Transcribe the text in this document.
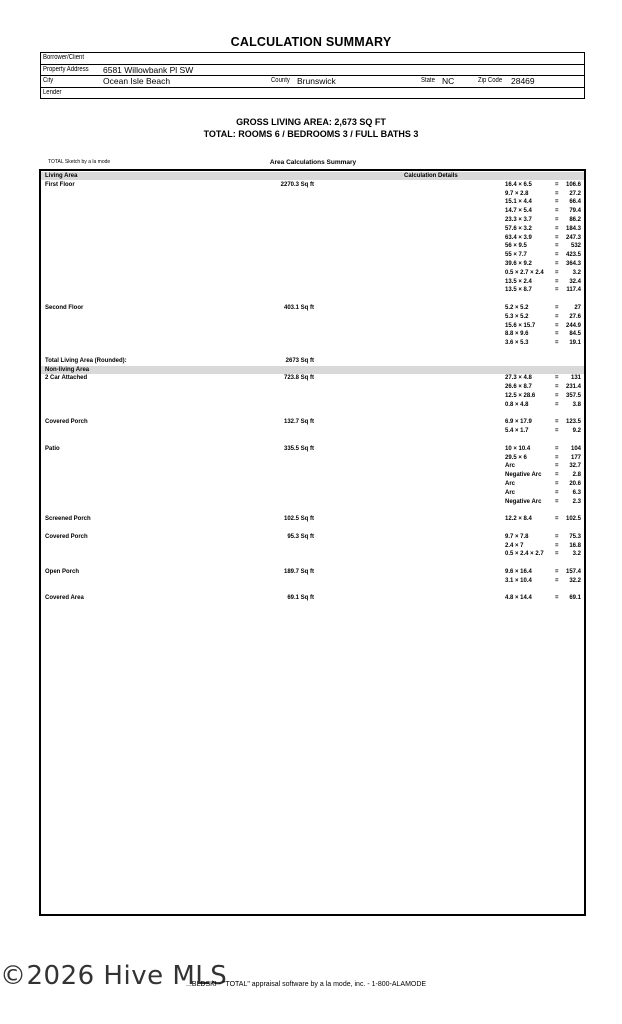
CALCULATION SUMMARY
Borrower/Client
Property Address 6581 Willowbank Pl SW
City	Ocean Isle Beach	County Brunswick	State NC	Zip Code 28469
Lender
GROSS LIVING AREA: 2,673 SQ FT
TOTAL: ROOMS 6 / BEDROOMS 3 / FULL BATHS 3
TOTAL Sketch by a la mode	Area Calculations Summary
Living Area	Calculation Details
First Floor	2270.3 Sq ft	16.4 × 6.5	=	106.6
9.7 × 2.8	=	27.2
15.1 × 4.4	=	66.4
14.7 × 5.4	=	79.4
23.3 × 3.7	=	86.2
57.6 × 3.2	=	184.3
63.4 × 3.9	=	247.3
56 × 9.5	=	532
55 × 7.7	=	423.5
39.6 × 9.2	=	364.3
0.5 × 2.7 × 2.4 =	3.2
13.5 × 2.4	=	32.4
13.5 × 8.7	=	117.4
Second Floor	403.1 Sq ft	5.2 × 5.2	=	27
5.3 × 5.2	=	27.6
15.6 × 15.7	=	244.9
8.8 × 9.6	=	84.5
3.6 × 5.3	=	19.1
Total Living Area (Rounded):	2673 Sq ft
Non-living Area
2 Car Attached	723.8 Sq ft	27.3 × 4.8	=	131
26.6 × 8.7	=	231.4
12.5 × 28.6	=	357.5
0.8 × 4.8	=	3.8
Covered Porch	132.7 Sq ft	6.9 × 17.9	=	123.5
5.4 × 1.7	=	9.2
Patio	335.5 Sq ft	10 × 10.4	=	104
29.5 × 6	=	177
Arc	=	32.7
Negative Arc =	2.8
Arc	=	20.6
Arc	=	6.3
Negative Arc =	2.3
Screened Porch	102.5 Sq ft	12.2 × 8.4	=	102.5
Covered Porch	95.3 Sq ft	9.7 × 7.8	=	75.3
2.4 × 7	=	16.8
0.5 × 2.4 × 2.7 =	3.2
Open Porch	189.7 Sq ft	9.6 × 16.4	=	157.4
3.1 × 10.4	=	32.2
Covered Area	69.1 Sq ft	4.8 × 14.4	=	69.1
©2026 Hive MLS
...BLDSKI - "TOTAL" appraisal software by a la mode, inc. - 1-800-ALAMODE
